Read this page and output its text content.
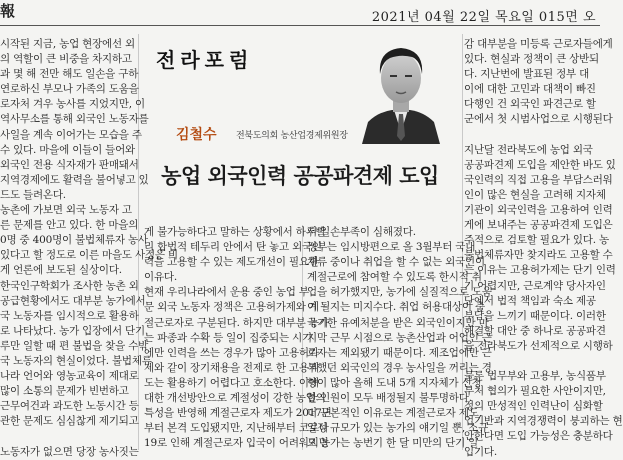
報	2021년 04월 22일 목요일 015면 오
시작된 지금, 농업 현장에선 외
의 역할이 큰 비중을 차지하고
과 몇 해 전만 해도 일손을 구하
연로하신 부모나 가족의 도움을
로자처 겨우 농사를 지었지만, 이
역사무소를 통해 외국인 노동자를
사일을 계속 이어가는 모습을 주
수 있다. 마을에 이들이 들어와
외국인 전용 식자재가 판매돼서
지역경제에도 활력을 불어넣고 있
드도 들려온다.
농촌에 가보면 외국 노동자 고
른 문제를 안고 있다. 한 마을의
0명 중 400명이 불법체류자 농사
있다고 할 정도로 이른 마을도 사정은 비
게 언론에 보도된 실상이다.
한국인구학회가 조사한 농촌 외
공급현황에서도 대부분 농가에서
국 노동자를 임시적으로 활용하
로 나타났다. 농가 입장에서 단기
루만 일할 때 편 불법을 찾을 수밖
국 노동자의 현실이었다. 불법체류
나라 언어와 영농교육이 제대로
많이 소통의 문제가 빈번하고
근무여건과 과도한 노동시간 등
관한 문제도 심심찮게 제기되고
노동자가 없으면 당장 농사짓는
전라포럼
김철수 전북도의회 농산업경제위원장
농업 외국인력 공공파견제 도입
게 불가능하다고 말하는 상황에서 하루빨
리 합법적 테두리 안에서 탄 놓고 외국인
력을 고용할 수 있는 제도개선이 필요한
이유다.
현재 우리나라에서 운용 중인 농업 부
문 외국 노동자 정책은 고용허가제와 계
절근로자로 구분된다. 하지만 대부분 농가
는 파종과 수확 등 일이 집중되는 시기
에만 인력을 쓰는 경우가 많아 고용허가
제와 같이 장기채용을 전제로 한 고용제
도는 활용하기 어렵다고 호소한다. 이에
대한 개선방안으로 계절성이 강한 농업의
특성을 반영해 계절근로자 제도가 2017년
부터 본격 도입됐지만, 지난해부터 코로나
19로 인해 계절근로자 입국이 어려워지면
서 일손부족이 심해졌다.
정부는 임시방편으로 올 3월부터 국내
체류 중이나 취업을 할 수 없는 외국인이
계절근로에 참여할 수 있도록 한시적 취
업을 허가했지만, 농가에 실질적으로 도움
이 될지는 미지수다. 취업 허용대상이 출
국기한 유예처분을 받은 외국인이지만 마
지막 근무 시점으로 농촌산업과 어업인 근
로자는 제외됐기 때문이다. 제조업에만 근
무했던 외국인의 경우 농사일을 꺼리는 경
향이 많아 올해 도내 5개 지자체가 신청
한 인원이 모두 배정될지 불투명하다.
더 근본적인 이유로는 계절근로자 제도,
일정 규모가 있는 농가의 얘기일 뿐, 소규
모 농가는 농번기 한 달 미만의 단기 일
감 대부분을 미등록 근로자들에게
있다. 현실과 정책이 큰 상반되
다. 지난번에 발표된 정부 대
이에 대한 고민과 대책이 빠진
다행인 건 외국인 파견근로 할
군에서 첫 시범사업으로 시행된다
지난달 전라북도에 농업 외국
공공파견제 도입을 제안한 바도 있
국인력의 직접 고용을 부담스러워
인이 많은 현실을 고려해 지자체
기관이 외국인력을 고용하여 인력
게에 보내주는 공공파견제 도입은
주적으로 검토할 필요가 있다. 농
불법체류자만 찾지라도 고용할 수
는 이유는 고용허가제는 단기 인력
기 어렵지만, 근로계약 당사자인
단에서 법적 책임과 숙소 제공
부담을 느끼기 때문이다. 이러한
해결할 대안 중 하나로 공공파견
을 전라북도가 선제적으로 시행하
물론 법무부와 고용부, 농식품부
부처 협의가 필요한 사안이지만,
정의 만성적인 인력난이 심화할
업기반과 지역경쟁력이 붕괴하는 현
안한다면 도입 가능성은 충분하다
입기다.
